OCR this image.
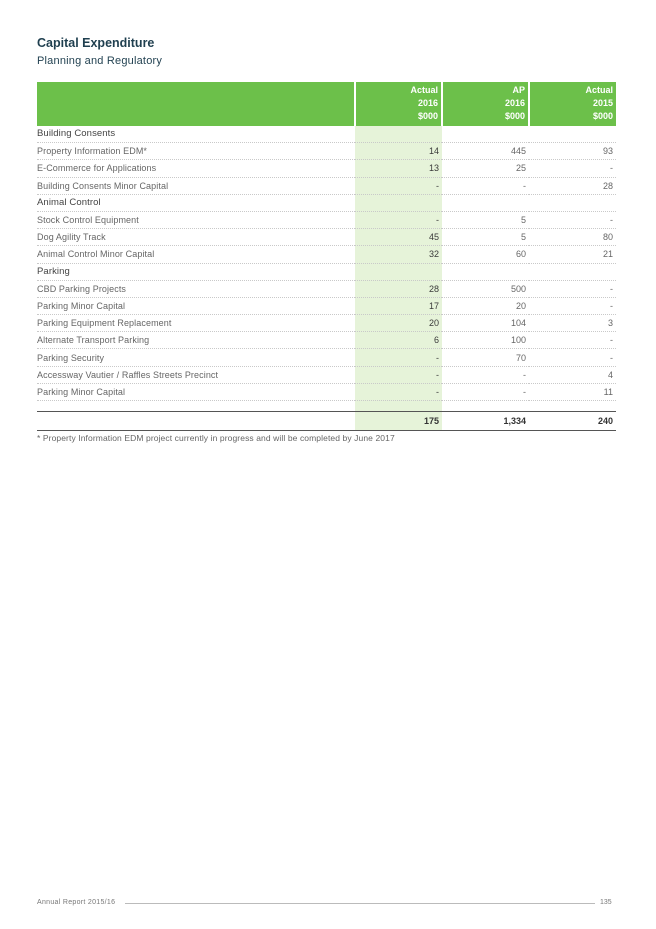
Capital Expenditure
Planning and Regulatory

	Actual
2016
$000	AP
2016
$000	Actual
2015
$000

Building Consents			
Property Information EDM*	14	445	93
E-Commerce for Applications	13	25	-
Building Consents Minor Capital	-	-	28
Animal Control			
Stock Control Equipment	-	5	-
Dog Agility Track	45	5	80
Animal Control Minor Capital	32	60	21
Parking			
CBD Parking Projects	28	500	-
Parking Minor Capital	17	20	-
Parking Equipment Replacement	20	104	3
Alternate Transport Parking	6	100	-
Parking Security	-	70	-
Accessway Vautier / Raffles Streets Precinct	-	-	4
Parking Minor Capital	-	-	11

	175	1,334	240
* Property Information EDM project currently in progress and will be completed by June 2017
Annual Report 2015/16	135
